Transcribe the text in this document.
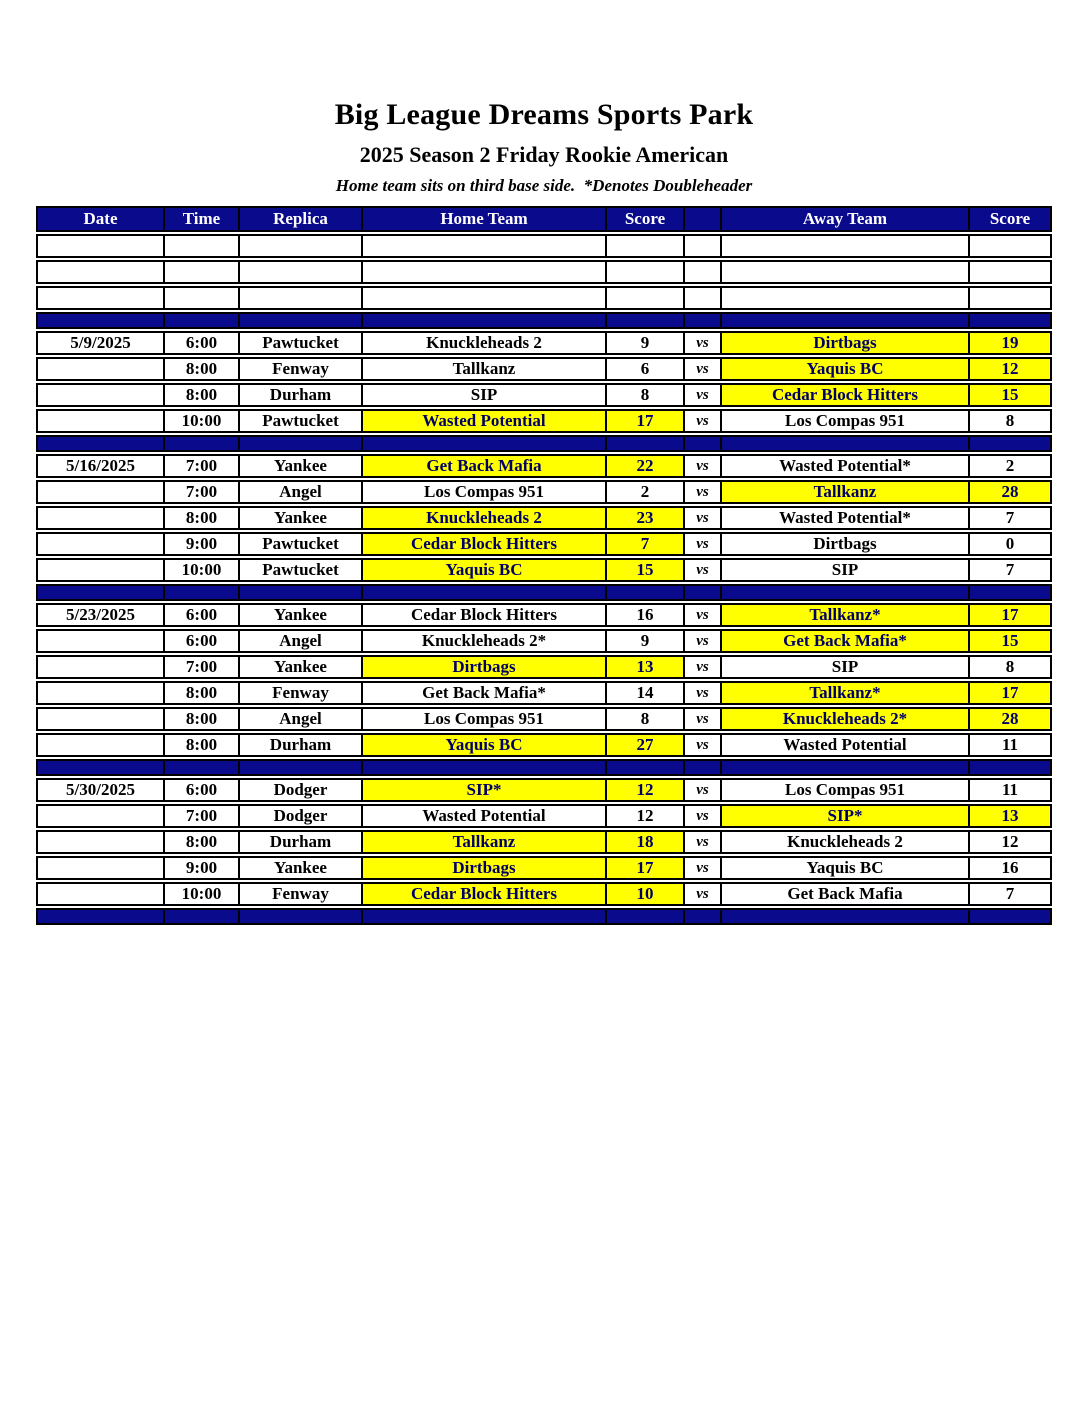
Big League Dreams Sports Park
2025 Season 2 Friday Rookie American
Home team sits on third base side.  *Denotes Doubleheader
Date	Time	Replica	Home Team	Score		Away Team	Score

5/9/2025	6:00	Pawtucket	Knuckleheads 2	9	vs	Dirtbags	19
	8:00	Fenway	Tallkanz	6	vs	Yaquis BC	12
	8:00	Durham	SIP	8	vs	Cedar Block Hitters	15
	10:00	Pawtucket	Wasted Potential	17	vs	Los Compas 951	8

5/16/2025	7:00	Yankee	Get Back Mafia	22	vs	Wasted Potential*	2
	7:00	Angel	Los Compas 951	2	vs	Tallkanz	28
	8:00	Yankee	Knuckleheads 2	23	vs	Wasted Potential*	7
	9:00	Pawtucket	Cedar Block Hitters	7	vs	Dirtbags	0
	10:00	Pawtucket	Yaquis BC	15	vs	SIP	7

5/23/2025	6:00	Yankee	Cedar Block Hitters	16	vs	Tallkanz*	17
	6:00	Angel	Knuckleheads 2*	9	vs	Get Back Mafia*	15
	7:00	Yankee	Dirtbags	13	vs	SIP	8
	8:00	Fenway	Get Back Mafia*	14	vs	Tallkanz*	17
	8:00	Angel	Los Compas 951	8	vs	Knuckleheads 2*	28
	8:00	Durham	Yaquis BC	27	vs	Wasted Potential	11

5/30/2025	6:00	Dodger	SIP*	12	vs	Los Compas 951	11
	7:00	Dodger	Wasted Potential	12	vs	SIP*	13
	8:00	Durham	Tallkanz	18	vs	Knuckleheads 2	12
	9:00	Yankee	Dirtbags	17	vs	Yaquis BC	16
	10:00	Fenway	Cedar Block Hitters	10	vs	Get Back Mafia	7
